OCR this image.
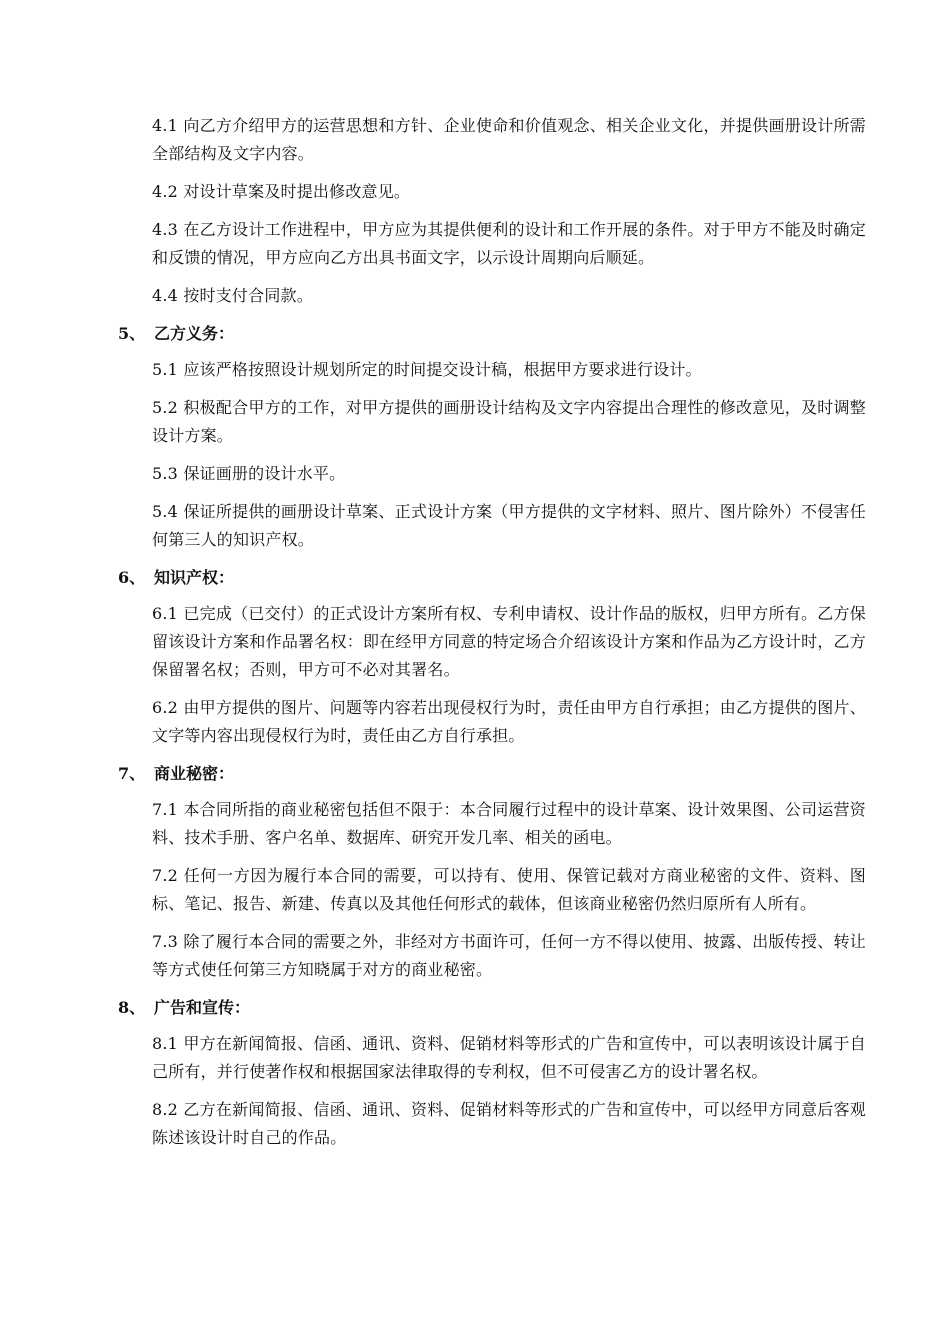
4.1 向乙方介绍甲方的运营思想和方针、企业使命和价值观念、相关企业文化，并提供画册设计所需全部结构及文字内容。

4.2 对设计草案及时提出修改意见。

4.3 在乙方设计工作进程中，甲方应为其提供便利的设计和工作开展的条件。对于甲方不能及时确定和反馈的情况，甲方应向乙方出具书面文字，以示设计周期向后顺延。

4.4 按时支付合同款。

5、 乙方义务：

5.1 应该严格按照设计规划所定的时间提交设计稿，根据甲方要求进行设计。

5.2 积极配合甲方的工作，对甲方提供的画册设计结构及文字内容提出合理性的修改意见，及时调整设计方案。

5.3 保证画册的设计水平。

5.4 保证所提供的画册设计草案、正式设计方案（甲方提供的文字材料、照片、图片除外）不侵害任何第三人的知识产权。

6、 知识产权：

6.1 已完成（已交付）的正式设计方案所有权、专利申请权、设计作品的版权，归甲方所有。乙方保留该设计方案和作品署名权：即在经甲方同意的特定场合介绍该设计方案和作品为乙方设计时，乙方保留署名权；否则，甲方可不必对其署名。

6.2 由甲方提供的图片、问题等内容若出现侵权行为时，责任由甲方自行承担；由乙方提供的图片、文字等内容出现侵权行为时，责任由乙方自行承担。

7、 商业秘密：

7.1 本合同所指的商业秘密包括但不限于：本合同履行过程中的设计草案、设计效果图、公司运营资料、技术手册、客户名单、数据库、研究开发几率、相关的函电。

7.2 任何一方因为履行本合同的需要，可以持有、使用、保管记载对方商业秘密的文件、资料、图标、笔记、报告、新建、传真以及其他任何形式的载体，但该商业秘密仍然归原所有人所有。

7.3 除了履行本合同的需要之外，非经对方书面许可，任何一方不得以使用、披露、出版传授、转让等方式使任何第三方知晓属于对方的商业秘密。

8、 广告和宣传：

8.1 甲方在新闻简报、信函、通讯、资料、促销材料等形式的广告和宣传中，可以表明该设计属于自己所有，并行使著作权和根据国家法律取得的专利权，但不可侵害乙方的设计署名权。

8.2 乙方在新闻简报、信函、通讯、资料、促销材料等形式的广告和宣传中，可以经甲方同意后客观陈述该设计时自己的作品。
